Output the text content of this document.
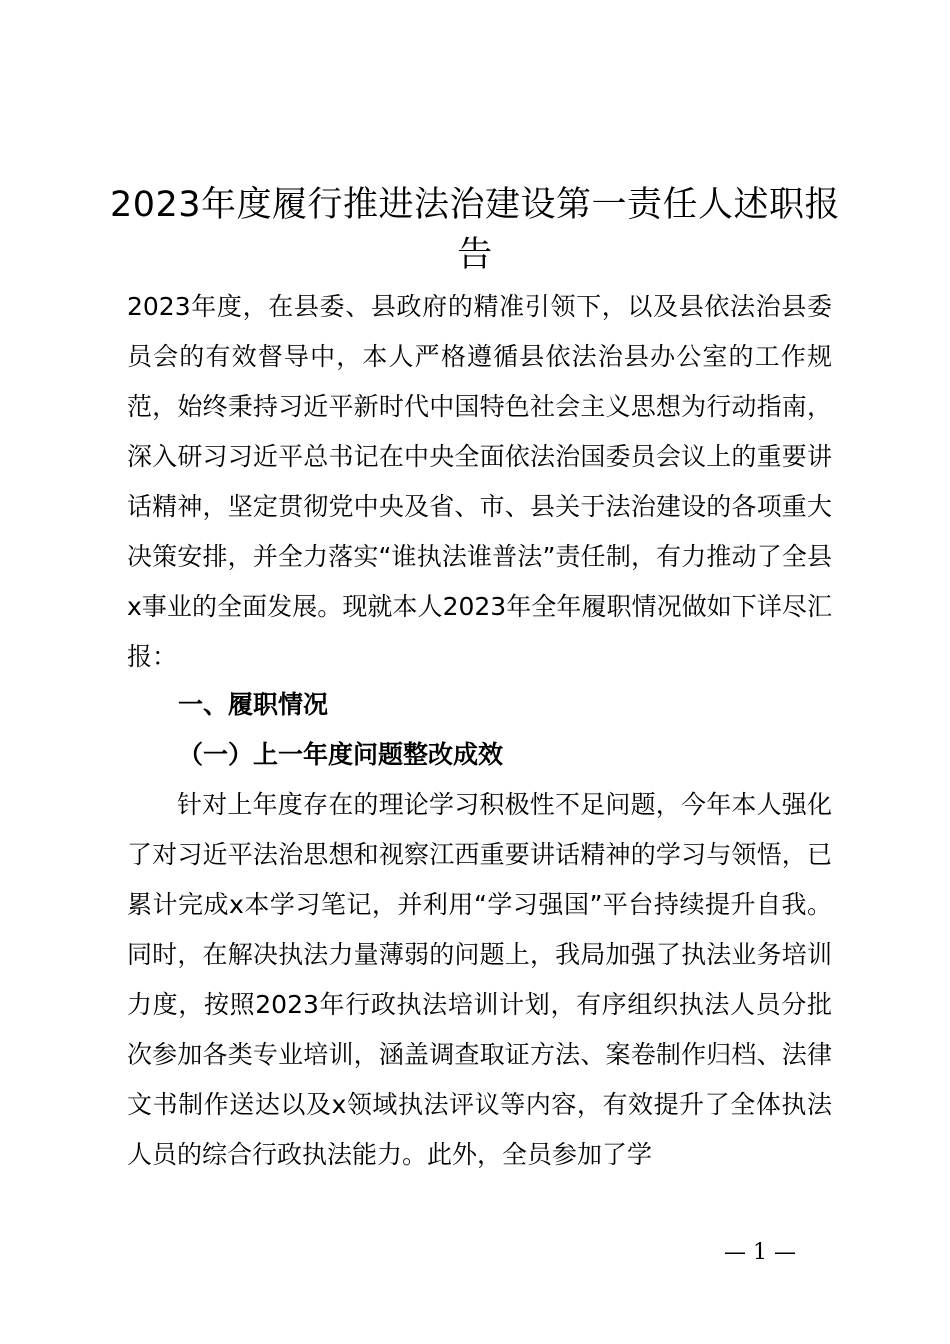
2023年度履行推进法治建设第一责任人述职报告

2023年度，在县委、县政府的精准引领下，以及县依法治县委员会的有效督导中，本人严格遵循县依法治县办公室的工作规范，始终秉持习近平新时代中国特色社会主义思想为行动指南，深入研习习近平总书记在中央全面依法治国委员会议上的重要讲话精神，坚定贯彻党中央及省、市、县关于法治建设的各项重大决策安排，并全力落实“谁执法谁普法”责任制，有力推动了全县x事业的全面发展。现就本人2023年全年履职情况做如下详尽汇报：

一、履职情况
（一）上一年度问题整改成效

针对上年度存在的理论学习积极性不足问题，今年本人强化了对习近平法治思想和视察江西重要讲话精神的学习与领悟，已累计完成x本学习笔记，并利用“学习强国”平台持续提升自我。同时，在解决执法力量薄弱的问题上，我局加强了执法业务培训力度，按照2023年行政执法培训计划，有序组织执法人员分批次参加各类专业培训，涵盖调查取证方法、案卷制作归档、法律文书制作送达以及x领域执法评议等内容，有效提升了全体执法人员的综合行政执法能力。此外，全员参加了学

— 1 —
